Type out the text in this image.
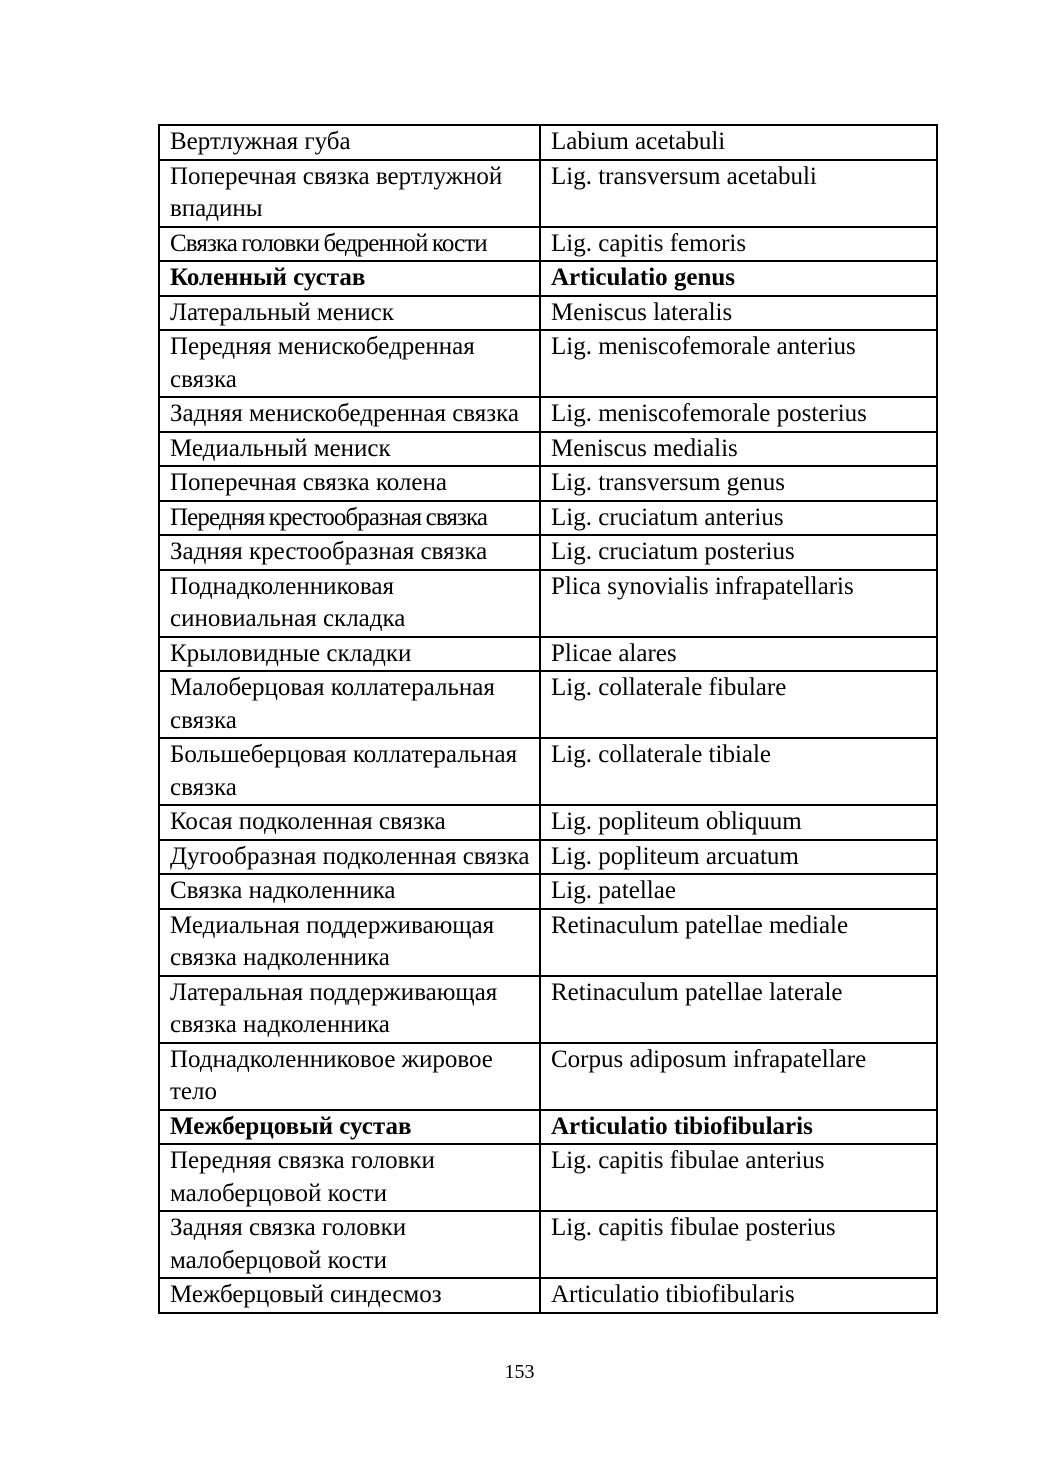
Вертлужная губа	Labium acetabuli
Поперечная связка вертлужной впадины	Lig. transversum acetabuli
Связка головки бедренной кости	Lig. capitis femoris
Коленный сустав	Articulatio genus
Латеральный мениск	Meniscus lateralis
Передняя менискобедренная связка	Lig. meniscofemorale anterius
Задняя менискобедренная связка	Lig. meniscofemorale posterius
Медиальный мениск	Meniscus medialis
Поперечная связка колена	Lig. transversum genus
Передняя крестообразная связка	Lig. cruciatum anterius
Задняя крестообразная связка	Lig. cruciatum posterius
Поднадколенниковая синовиальная складка	Plica synovialis infrapatellaris
Крыловидные складки	Plicae alares
Малоберцовая коллатеральная связка	Lig. collaterale fibulare
Большеберцовая коллатеральная связка	Lig. collaterale tibiale
Косая подколенная связка	Lig. popliteum obliquum
Дугообразная подколенная связка	Lig. popliteum arcuatum
Связка надколенника	Lig. patellae
Медиальная поддерживающая связка надколенника	Retinaculum patellae mediale
Латеральная поддерживающая связка надколенника	Retinaculum patellae laterale
Поднадколенниковое жировое тело	Corpus adiposum infrapatellare
Межберцовый сустав	Articulatio tibiofibularis
Передняя связка головки малоберцовой кости	Lig. capitis fibulae anterius
Задняя связка головки малоберцовой кости	Lig. capitis fibulae posterius
Межберцовый синдесмоз	Articulatio tibiofibularis
153
